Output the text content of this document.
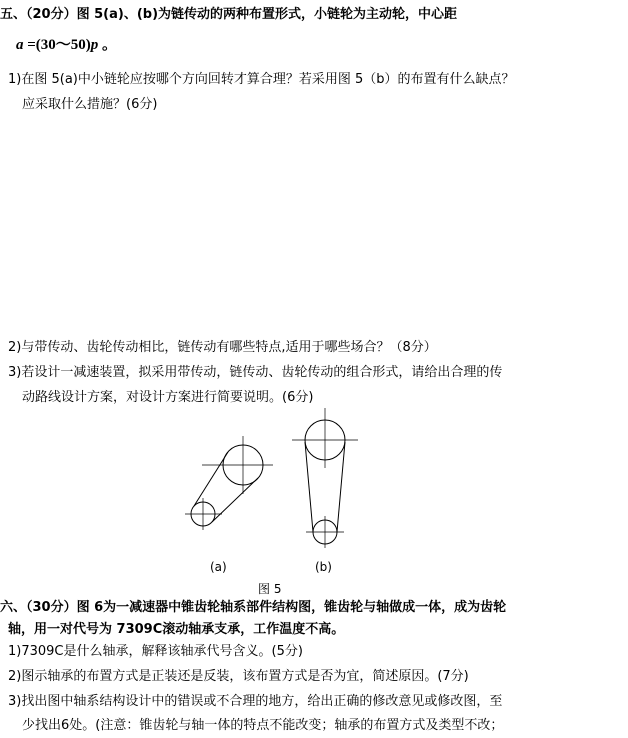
五、（20分）图 5(a)、(b)为链传动的两种布置形式，小链轮为主动轮，中心距
a =(30～50)p 。
1)在图 5(a)中小链轮应按哪个方向回转才算合理？若采用图 5（b）的布置有什么缺点？
应采取什么措施？(6分)
2)与带传动、齿轮传动相比，链传动有哪些特点,适用于哪些场合？（8分）
3)若设计一减速装置，拟采用带传动，链传动、齿轮传动的组合形式，请给出合理的传
动路线设计方案，对设计方案进行简要说明。(6分)
(a)	(b)
图 5
六、（30分）图 6为一减速器中锥齿轮轴系部件结构图，锥齿轮与轴做成一体，成为齿轮
轴，用一对代号为 7309C滚动轴承支承，工作温度不高。
1)7309C是什么轴承，解释该轴承代号含义。(5分)
2)图示轴承的布置方式是正装还是反装，该布置方式是否为宜，简述原因。(7分)
3)找出图中轴系结构设计中的错误或不合理的地方，给出正确的修改意见或修改图，至
少找出6处。(注意：锥齿轮与轴一体的特点不能改变；轴承的布置方式及类型不改；
